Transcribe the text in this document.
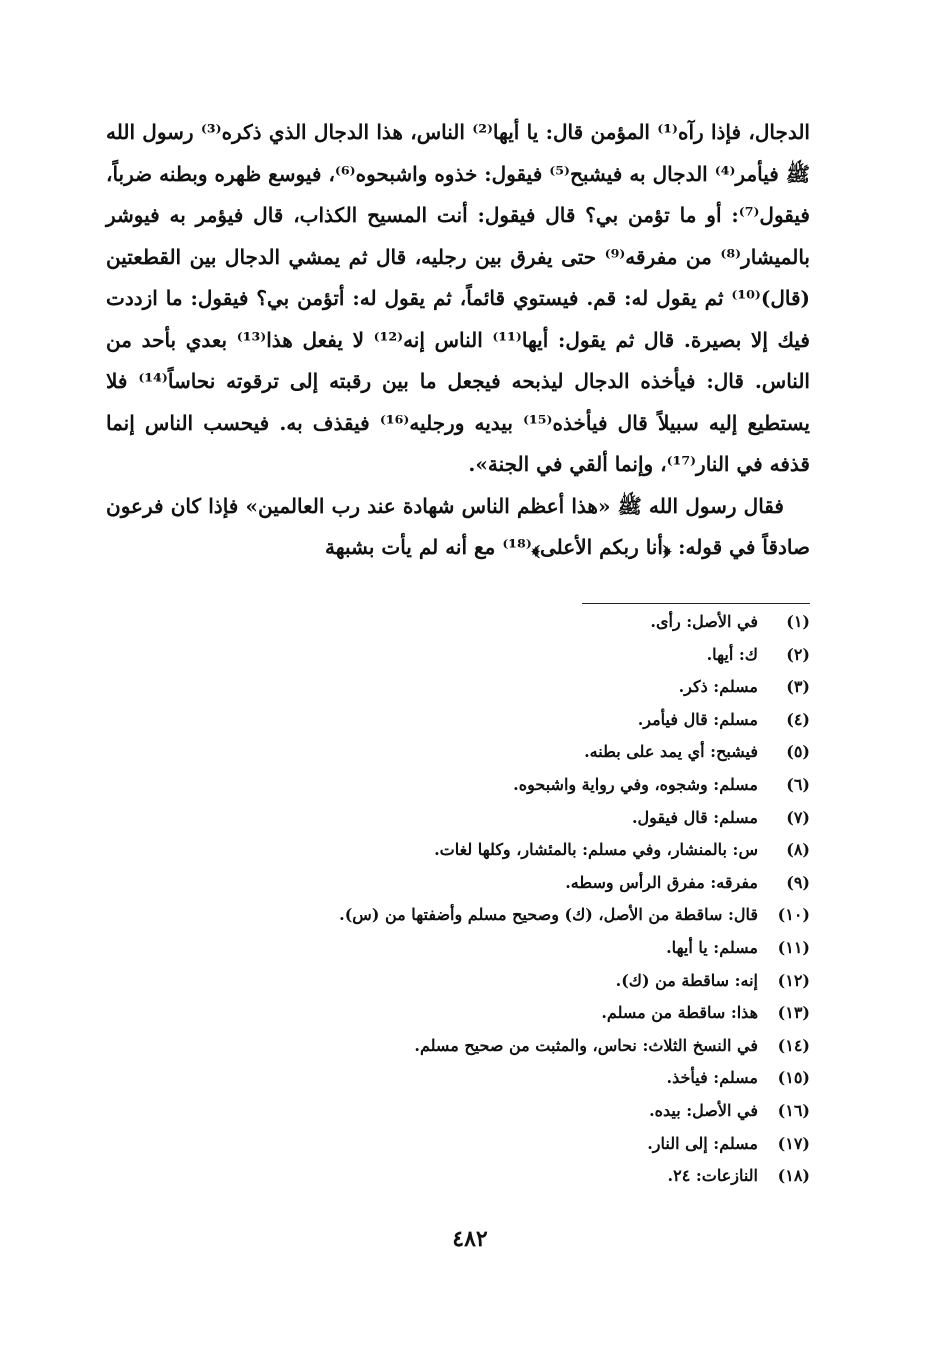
الدجال، فإذا رآه⁽¹⁾ المؤمن قال: يا أيها⁽²⁾ الناس، هذا الدجال الذي ذكره⁽³⁾ رسول الله ﷺ فيأمر⁽⁴⁾ الدجال به فيشبح⁽⁵⁾ فيقول: خذوه واشبحوه⁽⁶⁾، فيوسع ظهره وبطنه ضرباً، فيقول⁽⁷⁾: أو ما تؤمن بي؟ قال فيقول: أنت المسيح الكذاب، قال فيؤمر به فيوشر بالميشار⁽⁸⁾ من مفرقه⁽⁹⁾ حتى يفرق بين رجليه، قال ثم يمشي الدجال بين القطعتين (قال)⁽¹⁰⁾ ثم يقول له: قم. فيستوي قائماً، ثم يقول له: أتؤمن بي؟ فيقول: ما ازددت فيك إلا بصيرة. قال ثم يقول: أيها⁽¹¹⁾ الناس إنه⁽¹²⁾ لا يفعل هذا⁽¹³⁾ بعدي بأحد من الناس. قال: فيأخذه الدجال ليذبحه فيجعل ما بين رقبته إلى ترقوته نحاساً⁽¹⁴⁾ فلا يستطيع إليه سبيلاً قال فيأخذه⁽¹⁵⁾ بيديه ورجليه⁽¹⁶⁾ فيقذف به. فيحسب الناس إنما قذفه في النار⁽¹⁷⁾، وإنما ألقي في الجنة».

فقال رسول الله ﷺ «هذا أعظم الناس شهادة عند رب العالمين» فإذا كان فرعون صادقاً في قوله: ﴿أنا ربكم الأعلى﴾⁽¹⁸⁾ مع أنه لم يأت بشبهة

(١)
في الأصل: رأى.
(٢)
ك: أيها.
(٣)
مسلم: ذكر.
(٤)
مسلم: قال فيأمر.
(٥)
فيشبح: أي يمد على بطنه.
(٦)
مسلم: وشجوه، وفي رواية واشبحوه.
(٧)
مسلم: قال فيقول.
(٨)
س: بالمنشار، وفي مسلم: بالمئشار، وكلها لغات.
(٩)
مفرقه: مفرق الرأس وسطه.
(١٠)
قال: ساقطة من الأصل، (ك) وصحيح مسلم وأضفتها من (س).
(١١)
مسلم: يا أيها.
(١٢)
إنه: ساقطة من (ك).
(١٣)
هذا: ساقطة من مسلم.
(١٤)
في النسخ الثلاث: نحاس، والمثبت من صحيح مسلم.
(١٥)
مسلم: فيأخذ.
(١٦)
في الأصل: بيده.
(١٧)
مسلم: إلى النار.
(١٨)
النازعات: ٢٤.
٤٨٢
